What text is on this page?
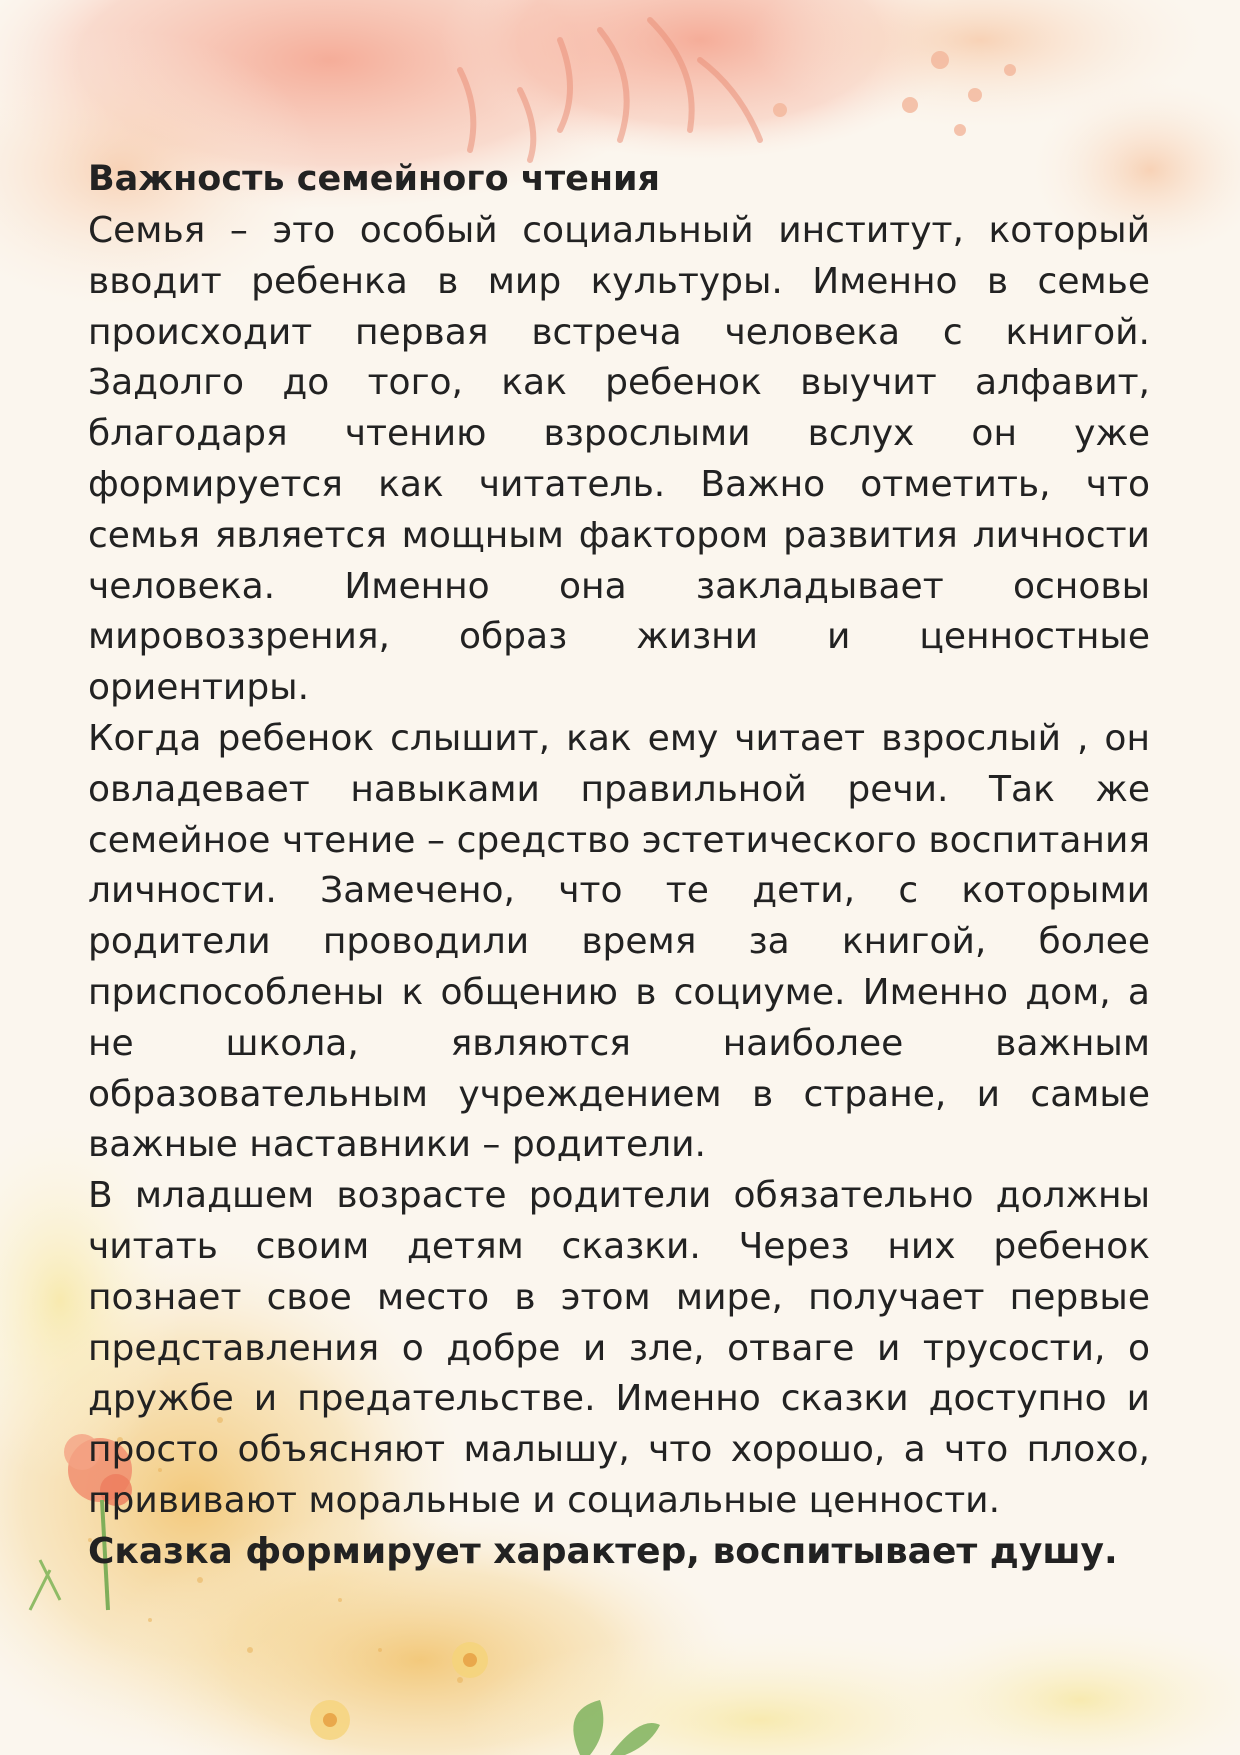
Важность семейного чтения

Семья – это особый социальный институт, который вводит ребенка в мир культуры. Именно в семье происходит первая встреча человека с книгой. Задолго до того, как ребенок выучит алфавит, благодаря чтению взрослыми вслух он уже формируется как читатель. Важно отметить, что семья является мощным фактором развития личности человека. Именно она закладывает основы мировоззрения, образ жизни и ценностные ориентиры.

Когда ребенок слышит, как ему читает взрослый , он овладевает навыками правильной речи. Так же семейное чтение – средство эстетического воспитания личности. Замечено, что те дети, с которыми родители проводили время за книгой, более приспособлены к общению в социуме. Именно дом, а не школа, являются наиболее важным образовательным учреждением в стране, и самые важные наставники – родители.

В младшем возрасте родители обязательно должны читать своим детям сказки. Через них ребенок познает свое место в этом мире, получает первые представления о добре и зле, отваге и трусости, о дружбе и предательстве. Именно сказки доступно и просто объясняют малышу, что хорошо, а что плохо, прививают моральные и социальные ценности.

Сказка формирует характер, воспитывает душу.
